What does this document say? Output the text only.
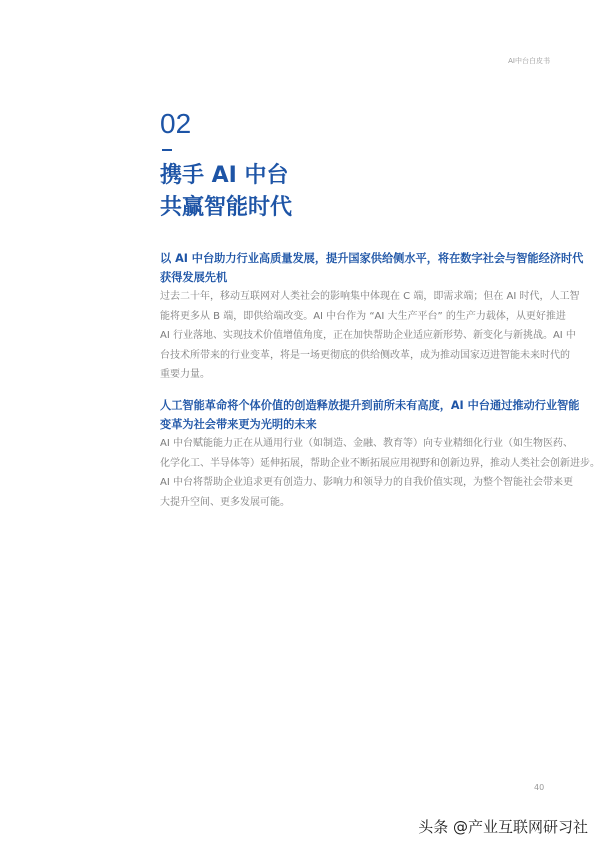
AI中台白皮书
02
携手 AI 中台
共赢智能时代
以 AI 中台助力行业高质量发展，提升国家供给侧水平，将在数字社会与智能经济时代
获得发展先机

过去二十年，移动互联网对人类社会的影响集中体现在 C 端，即需求端；但在 AI 时代，人工智
能将更多从 B 端，即供给端改变。AI 中台作为 “AI 大生产平台” 的生产力载体，从更好推进
AI 行业落地、实现技术价值增值角度，正在加快帮助企业适应新形势、新变化与新挑战。AI 中
台技术所带来的行业变革，将是一场更彻底的供给侧改革，成为推动国家迈进智能未来时代的
重要力量。

人工智能革命将个体价值的创造释放提升到前所未有高度，AI 中台通过推动行业智能
变革为社会带来更为光明的未来

AI 中台赋能能力正在从通用行业（如制造、金融、教育等）向专业精细化行业（如生物医药、
化学化工、半导体等）延伸拓展，帮助企业不断拓展应用视野和创新边界，推动人类社会创新进步。
AI 中台将帮助企业追求更有创造力、影响力和领导力的自我价值实现，为整个智能社会带来更
大提升空间、更多发展可能。

40
头条 @产业互联网研习社
